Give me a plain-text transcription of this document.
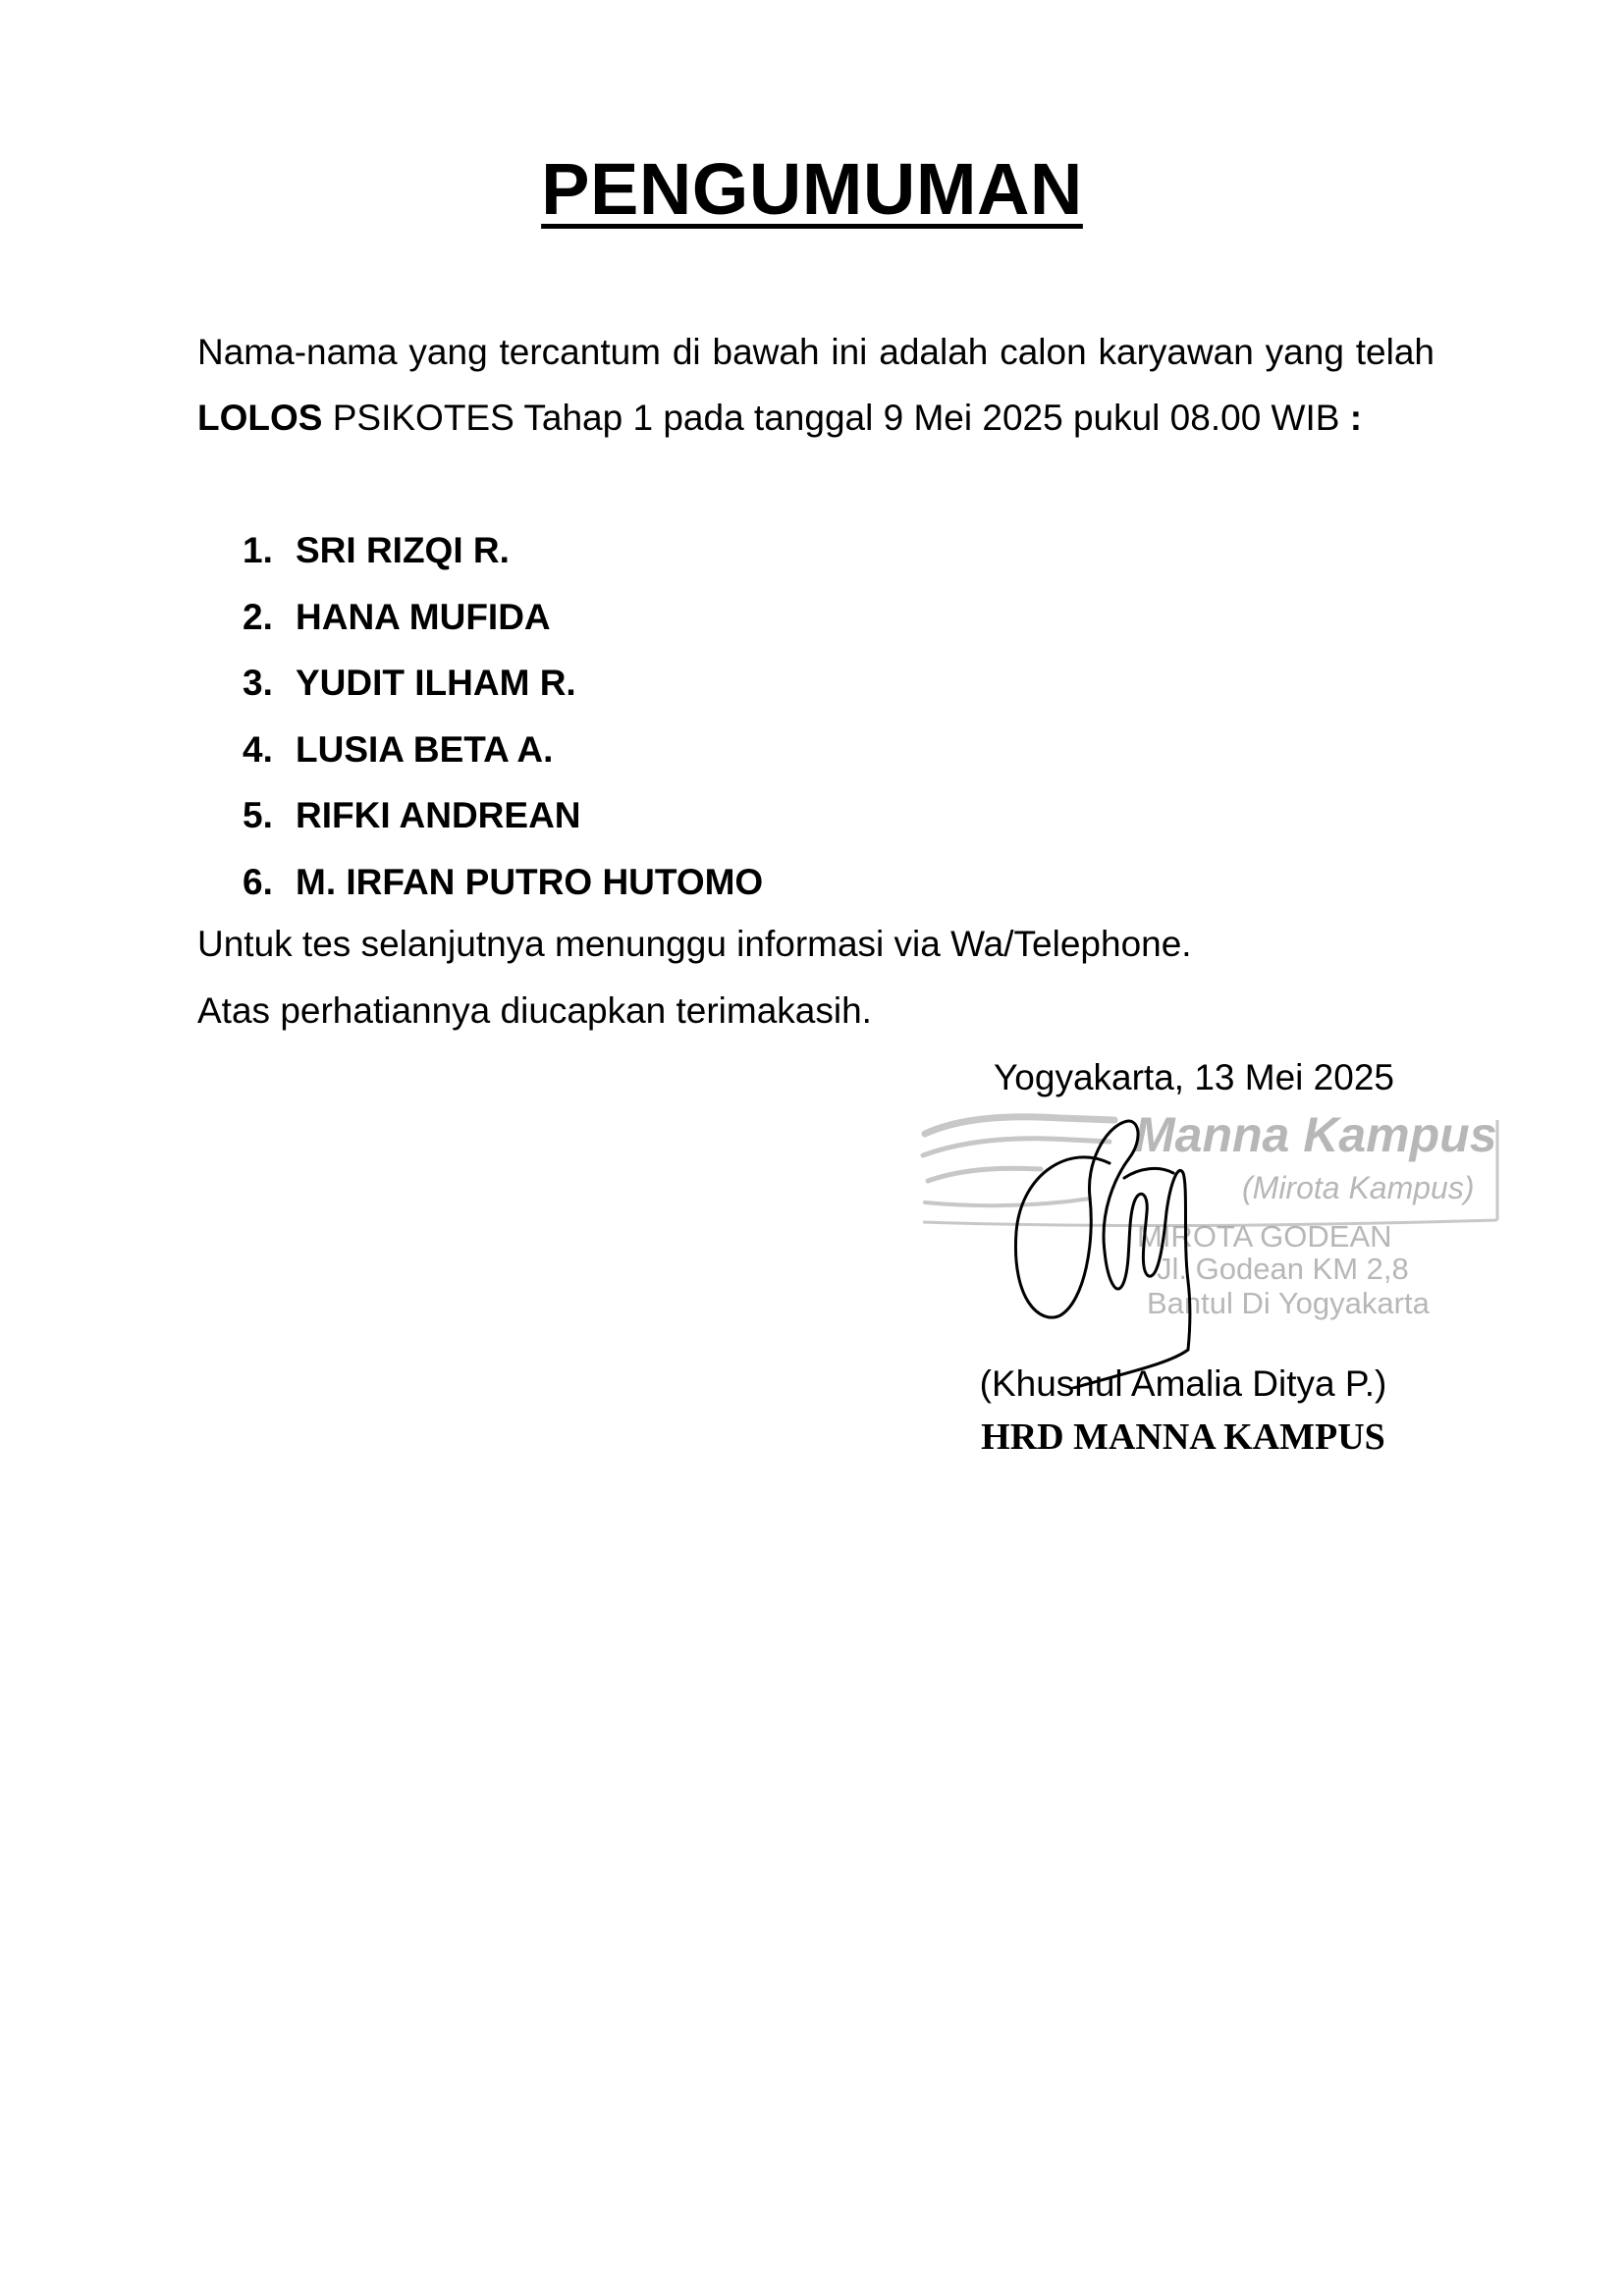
PENGUMUMAN
Nama-nama yang tercantum di bawah ini adalah calon karyawan yang telah LOLOS PSIKOTES Tahap 1 pada tanggal 9 Mei 2025 pukul 08.00 WIB :
1. SRI RIZQI R.
2. HANA MUFIDA
3. YUDIT ILHAM R.
4. LUSIA BETA A.
5. RIFKI ANDREAN
6. M. IRFAN PUTRO HUTOMO
Untuk tes selanjutnya menunggu informasi via Wa/Telephone.
Atas perhatiannya diucapkan terimakasih.
Yogyakarta, 13 Mei 2025
Manna Kampus
(Mirota Kampus)
MIROTA GODEAN
Jl. Godean KM 2,8
Bantul Di Yogyakarta
(Khusnul Amalia Ditya P.)
HRD MANNA KAMPUS
